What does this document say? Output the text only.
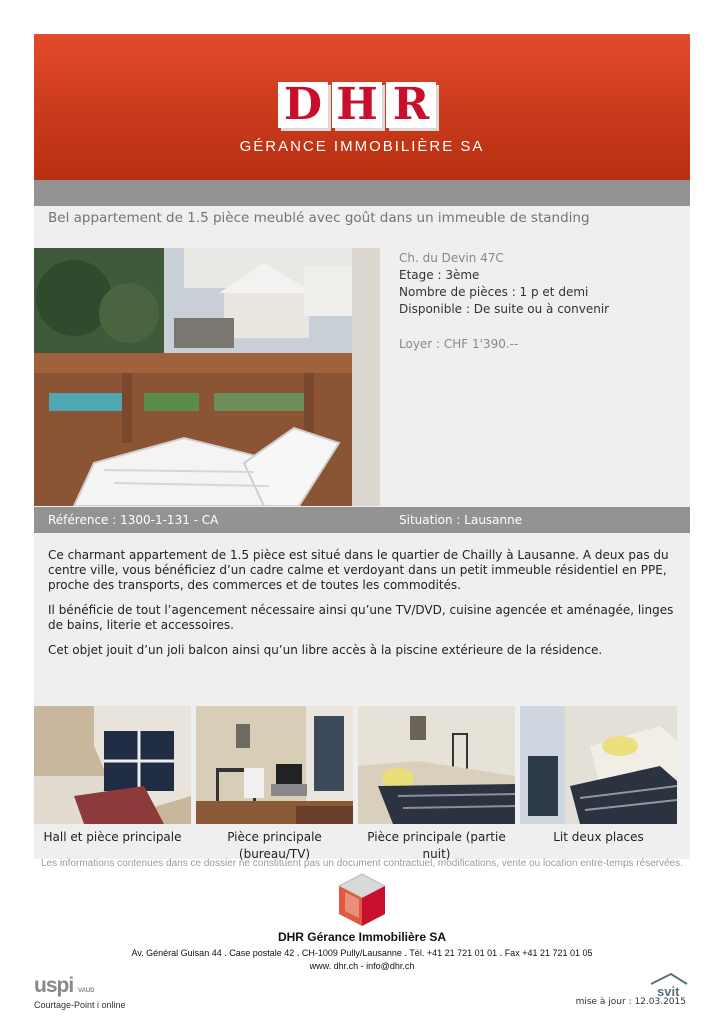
D H R
GÉRANCE IMMOBILIÈRE SA
Bel appartement de 1.5 pièce meublé avec goût dans un immeuble de standing
Ch. du Devin 47C
Etage : 3ème
Nombre de pièces : 1 p et demi
Disponible : De suite ou à convenir
Loyer : CHF 1'390.--
Référence : 1300-1-131 - CA	Situation : Lausanne

Ce charmant appartement de 1.5 pièce est situé dans le quartier de Chailly à Lausanne. A deux pas du centre ville, vous bénéficiez d’un cadre calme et verdoyant dans un petit immeuble résidentiel en PPE, proche des transports, des commerces et de toutes les commodités.

Il bénéficie de tout l’agencement nécessaire ainsi qu’une TV/DVD, cuisine agencée et aménagée, linges de bains, literie et accessoires.

Cet objet jouit d’un joli balcon ainsi qu’un libre accès à la piscine extérieure de la résidence.

Hall et pièce principale	Pièce principale (bureau/TV)
Pièce principale (partie nuit)
Lit deux places
Les informations contenues dans ce dossier ne constituent pas un document contractuel, modifications, vente ou location entre-temps réservées.
DHR Gérance Immobilière SA
Av. Général Guisan 44 . Case postale 42 . CH-1009 Pully/Lausanne . Tél. +41 21 721 01 01 . Fax +41 21 721 01 05
www. dhr.ch - info@dhr.ch
uspi VAUD
Courtage-Point i online
svit
mise à jour : 12.03.2015
